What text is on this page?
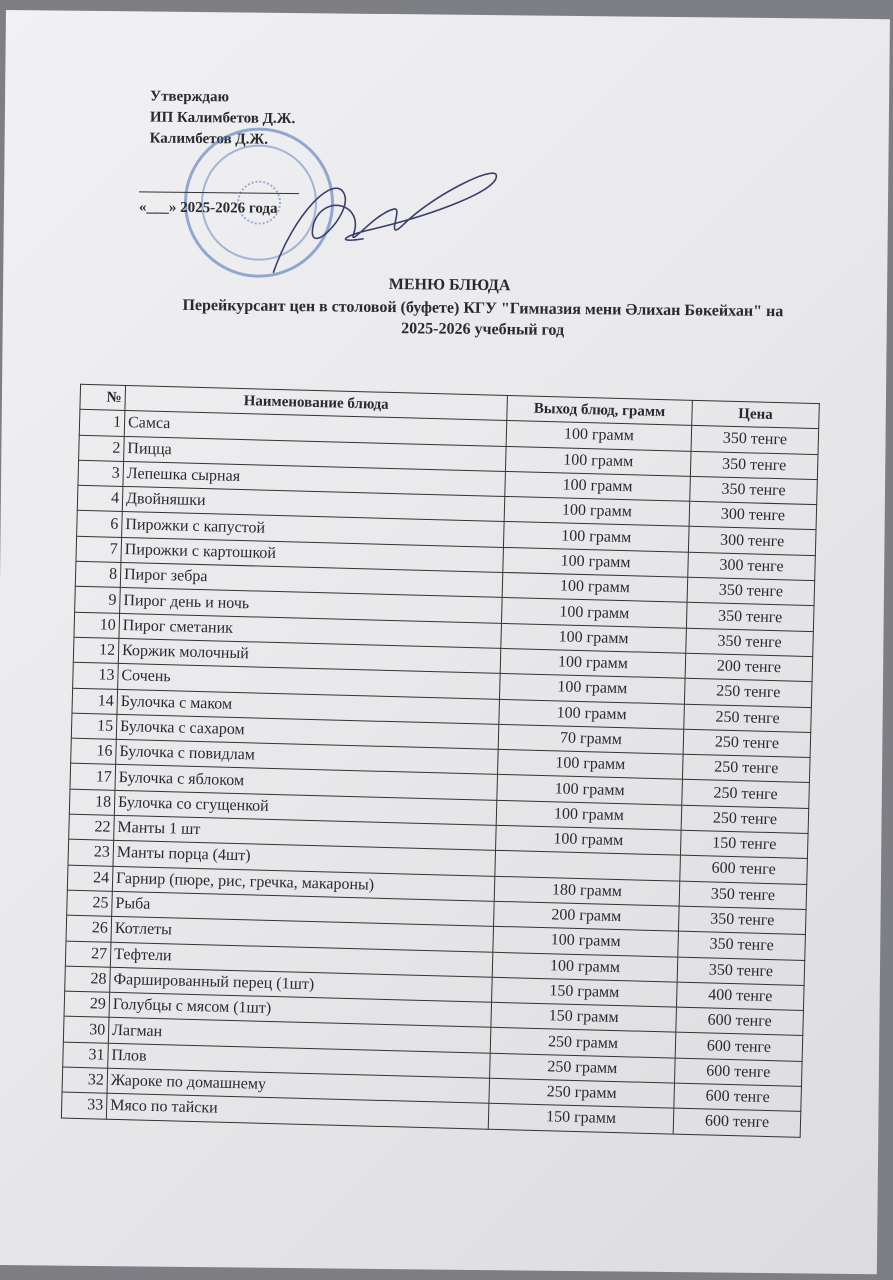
Утверждаю
ИП Калимбетов Д.Ж.
Калимбетов Д.Ж.
«___» 2025-2026 года
МЕНЮ БЛЮДА
Перейкурсант цен в столовой (буфете) КГУ "Гимназия мени Әлихан Бөкейхан" на 2025-2026 учебный год
№	Наименование блюда	Выход блюд, грамм	Цена
1	Самса	100 грамм	350 тенге
2	Пицца	100 грамм	350 тенге
3	Лепешка сырная	100 грамм	350 тенге
4	Двойняшки	100 грамм	300 тенге
6	Пирожки с капустой	100 грамм	300 тенге
7	Пирожки с картошкой	100 грамм	300 тенге
8	Пирог зебра	100 грамм	350 тенге
9	Пирог день и ночь	100 грамм	350 тенге
10	Пирог сметаник	100 грамм	350 тенге
12	Коржик молочный	100 грамм	200 тенге
13	Сочень	100 грамм	250 тенге
14	Булочка с маком	100 грамм	250 тенге
15	Булочка с сахаром	70 грамм	250 тенге
16	Булочка с повидлам	100 грамм	250 тенге
17	Булочка с яблоком	100 грамм	250 тенге
18	Булочка со сгущенкой	100 грамм	250 тенге
22	Манты 1 шт	100 грамм	150 тенге
23	Манты порца (4шт)		600 тенге
24	Гарнир (пюре, рис, гречка, макароны)	180 грамм	350 тенге
25	Рыба	200 грамм	350 тенге
26	Котлеты	100 грамм	350 тенге
27	Тефтели	100 грамм	350 тенге
28	Фаршированный перец (1шт)	150 грамм	400 тенге
29	Голубцы с мясом (1шт)	150 грамм	600 тенге
30	Лагман	250 грамм	600 тенге
31	Плов	250 грамм	600 тенге
32	Жароке по домашнему	250 грамм	600 тенге
33	Мясо по тайски	150 грамм	600 тенге
